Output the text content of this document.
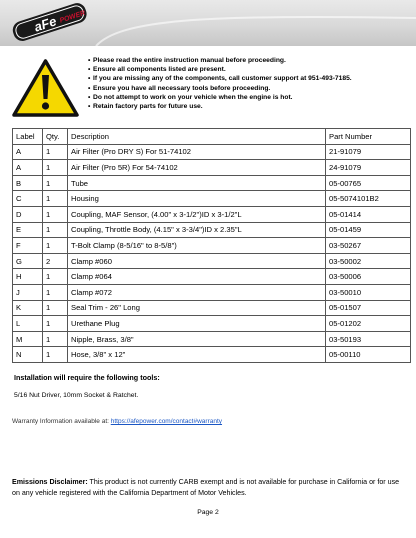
aFe POWER
• Please read the entire instruction manual before proceeding.
• Ensure all components listed are present.
• If you are missing any of the components, call customer support at 951-493-7185.
• Ensure you have all necessary tools before proceeding.
• Do not attempt to work on your vehicle when the engine is hot.
• Retain factory parts for future use.
Label	Qty.	Description	Part Number
A	1	Air Filter (Pro DRY S) For 51-74102	21-91079
A	1	Air Filter (Pro 5R) For 54-74102	24-91079
B	1	Tube	05-00765
C	1	Housing	05-5074101B2
D	1	Coupling, MAF Sensor, (4.00" x 3-1/2")ID x 3-1/2"L	05-01414
E	1	Coupling, Throttle Body, (4.15" x 3-3/4")ID x 2.35"L	05-01459
F	1	T-Bolt Clamp (8-5/16" to 8-5/8")	03-50267
G	2	Clamp #060	03-50002
H	1	Clamp #064	03-50006
J	1	Clamp #072	03-50010
K	1	Seal Trim - 26" Long	05-01507
L	1	Urethane Plug	05-01202
M	1	Nipple, Brass, 3/8"	03-50193
N	1	Hose, 3/8" x 12"	05-00110
Installation will require the following tools:
5/16 Nut Driver, 10mm Socket & Ratchet.
Warranty Information available at: https://afepower.com/contact#warranty
Emissions Disclaimer: This product is not currently CARB exempt and is not available for purchase in California or for use on any vehicle registered with the California Department of Motor Vehicles.
Page 2
